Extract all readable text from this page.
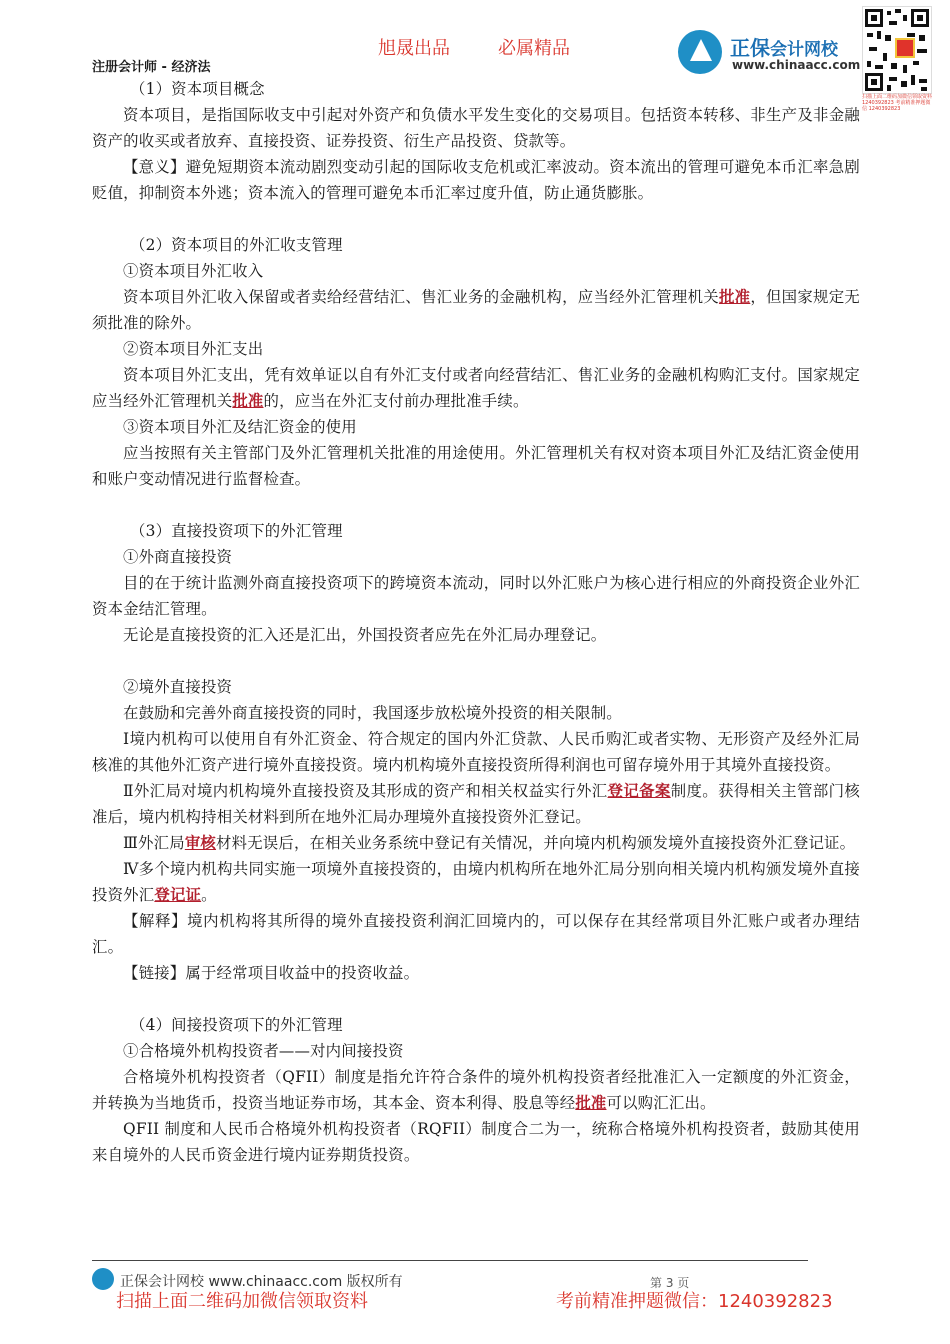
旭晟出品	必属精品
注册会计师 - 经济法
正保会计网校
www.chinaacc.com
扫描上面二维码加微信领取资料 1240392823 考前精准押题微信 1240392823

（1）资本项目概念

资本项目，是指国际收支中引起对外资产和负债水平发生变化的交易项目。包括资本转移、非生产及非金融资产的收买或者放弃、直接投资、证券投资、衍生产品投资、贷款等。

【意义】避免短期资本流动剧烈变动引起的国际收支危机或汇率波动。资本流出的管理可避免本币汇率急剧贬值，抑制资本外逃；资本流入的管理可避免本币汇率过度升值，防止通货膨胀。

（2）资本项目的外汇收支管理

①资本项目外汇收入

资本项目外汇收入保留或者卖给经营结汇、售汇业务的金融机构，应当经外汇管理机关批准，但国家规定无须批准的除外。

②资本项目外汇支出

资本项目外汇支出，凭有效单证以自有外汇支付或者向经营结汇、售汇业务的金融机构购汇支付。国家规定应当经外汇管理机关批准的，应当在外汇支付前办理批准手续。

③资本项目外汇及结汇资金的使用

应当按照有关主管部门及外汇管理机关批准的用途使用。外汇管理机关有权对资本项目外汇及结汇资金使用和账户变动情况进行监督检查。

（3）直接投资项下的外汇管理

①外商直接投资

目的在于统计监测外商直接投资项下的跨境资本流动，同时以外汇账户为核心进行相应的外商投资企业外汇资本金结汇管理。

无论是直接投资的汇入还是汇出，外国投资者应先在外汇局办理登记。

②境外直接投资

在鼓励和完善外商直接投资的同时，我国逐步放松境外投资的相关限制。

Ⅰ境内机构可以使用自有外汇资金、符合规定的国内外汇贷款、人民币购汇或者实物、无形资产及经外汇局核准的其他外汇资产进行境外直接投资。境内机构境外直接投资所得利润也可留存境外用于其境外直接投资。

Ⅱ外汇局对境内机构境外直接投资及其形成的资产和相关权益实行外汇登记备案制度。获得相关主管部门核准后，境内机构持相关材料到所在地外汇局办理境外直接投资外汇登记。

Ⅲ外汇局审核材料无误后，在相关业务系统中登记有关情况，并向境内机构颁发境外直接投资外汇登记证。

Ⅳ多个境内机构共同实施一项境外直接投资的，由境内机构所在地外汇局分别向相关境内机构颁发境外直接投资外汇登记证。

【解释】境内机构将其所得的境外直接投资利润汇回境内的，可以保存在其经常项目外汇账户或者办理结汇。

【链接】属于经常项目收益中的投资收益。

（4）间接投资项下的外汇管理

①合格境外机构投资者——对内间接投资

合格境外机构投资者（QFII）制度是指允许符合条件的境外机构投资者经批准汇入一定额度的外汇资金，并转换为当地货币，投资当地证券市场，其本金、资本利得、股息等经批准可以购汇汇出。

QFII 制度和人民币合格境外机构投资者（RQFII）制度合二为一，统称合格境外机构投资者，鼓励其使用来自境外的人民币资金进行境内证券期货投资。

正保会计网校 www.chinaacc.com 版权所有	第 3 页
扫描上面二维码加微信领取资料	考前精准押题微信：1240392823
